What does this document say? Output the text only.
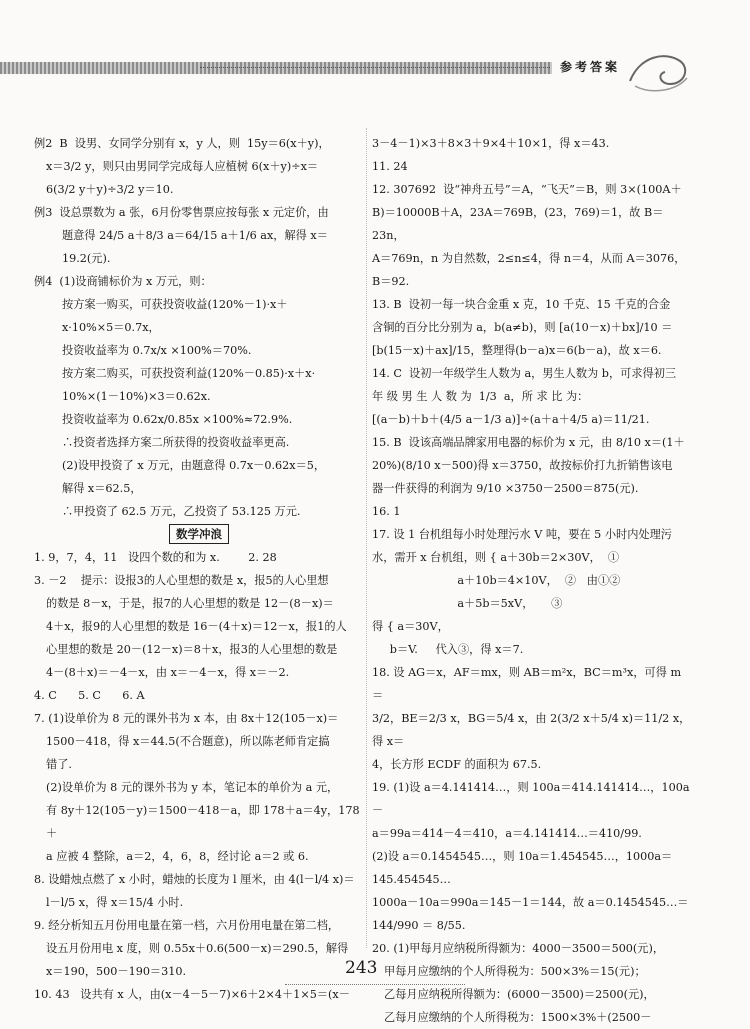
参考答案

例2  B  设男、女同学分别有 x，y 人，则  15y＝6(x＋y)，

x＝3/2 y，则只由男同学完成每人应植树 6(x＋y)÷x＝

6(3/2 y＋y)÷3/2 y＝10.

例3  设总票数为 a 张，6月份零售票应按每张 x 元定价，由

题意得 24/5 a＋8/3 a＝64/15 a＋1/6 ax，解得 x＝19.2(元).

例4  (1)设商铺标价为 x 万元，则：

按方案一购买，可获投资收益(120%－1)·x＋

x·10%×5＝0.7x，

投资收益率为 0.7x/x ×100%＝70%.

按方案二购买，可获投资利益(120%－0.85)·x＋x·

10%×(1－10%)×3＝0.62x.

投资收益率为 0.62x/0.85x ×100%≈72.9%.

∴投资者选择方案二所获得的投资收益率更高.

(2)设甲投资了 x 万元，由题意得 0.7x－0.62x＝5，

解得 x＝62.5，

∴甲投资了 62.5 万元，乙投资了 53.125 万元.

数学冲浪

1. 9，7，4，11   设四个数的和为 x.        2. 28

3. －2    提示：设报3的人心里想的数是 x，报5的人心里想

的数是 8－x，于是，报7的人心里想的数是 12－(8－x)＝

4＋x，报9的人心里想的数是 16－(4＋x)＝12－x，报1的人

心里想的数是 20－(12－x)＝8＋x，报3的人心里想的数是

4－(8＋x)＝－4－x，由 x＝－4－x，得 x＝－2.

4. C      5. C      6. A

7. (1)设单价为 8 元的课外书为 x 本，由 8x＋12(105－x)＝

1500－418，得 x＝44.5(不合题意)，所以陈老师肯定搞

错了.

(2)设单价为 8 元的课外书为 y 本，笔记本的单价为 a 元，

有 8y＋12(105－y)＝1500－418－a，即 178＋a＝4y，178＋

a 应被 4 整除，a＝2，4，6，8，经讨论 a＝2 或 6.

8. 设蜡烛点燃了 x 小时，蜡烛的长度为 l 厘米，由 4(l－l/4 x)＝

l－l/5 x，得 x＝15/4 小时.

9. 经分析知五月份用电量在第一档，六月份用电量在第二档，

设五月份用电 x 度，则 0.55x＋0.6(500－x)＝290.5，解得

x＝190，500－190＝310.

10. 43   设共有 x 人，由(x－4－5－7)×6＋2×4＋1×5＝(x－

3－4－1)×3＋8×3＋9×4＋10×1，得 x＝43.

11. 24

12. 307692  设“神舟五号”＝A，“飞天”＝B，则 3×(100A＋

B)＝10000B＋A，23A＝769B，(23，769)＝1，故 B＝23n，

A＝769n，n 为自然数，2≤n≤4，得 n＝4，从而 A＝3076，

B＝92.

13. B  设初一每一块合金重 x 克，10 千克、15 千克的合金

含铜的百分比分别为 a，b(a≠b)，则 [a(10－x)＋bx]/10 ＝

[b(15－x)＋ax]/15，整理得(b－a)x＝6(b－a)，故 x＝6.

14. C  设初一年级学生人数为 a，男生人数为 b，可求得初三

年 级 男 生 人 数 为  1/3  a，所 求 比 为：

[(a－b)＋b＋(4/5 a－1/3 a)]÷(a＋a＋4/5 a)＝11/21.

15. B  设该高端品牌家用电器的标价为 x 元，由 8/10 x＝(1＋

20%)(8/10 x－500)得 x＝3750，故按标价打九折销售该电

器一件获得的利润为 9/10 ×3750－2500＝875(元).

16. 1

17. 设 1 台机组每小时处理污水 V 吨，要在 5 小时内处理污

水，需开 x 台机组，则 { a＋30b＝2×30V，  ①

a＋10b＝4×10V，  ②   由①②

a＋5b＝5xV，     ③

得 { a＝30V，

b＝V.     代入③，得 x＝7.

18. 设 AG＝x，AF＝mx，则 AB＝m²x，BC＝m³x，可得 m＝

3/2，BE＝2/3 x，BG＝5/4 x，由 2(3/2 x＋5/4 x)＝11/2 x，得 x＝

4，长方形 ECDF 的面积为 67.5.

19. (1)设 a＝4.141414…，则 100a＝414.141414…，100a－

a＝99a＝414－4＝410，a＝4.141414…＝410/99.

(2)设 a＝0.1454545…，则 10a＝1.454545…，1000a＝

145.454545…

1000a－10a＝990a＝145－1＝144，故 a＝0.1454545…＝

144/990 ＝ 8/55.

20. (1)甲每月应纳税所得额为：4000－3500＝500(元)，

甲每月应缴纳的个人所得税为：500×3%＝15(元)；

乙每月应纳税所得额为：(6000－3500)＝2500(元)，

乙每月应缴纳的个人所得税为：1500×3%＋(2500－

243
